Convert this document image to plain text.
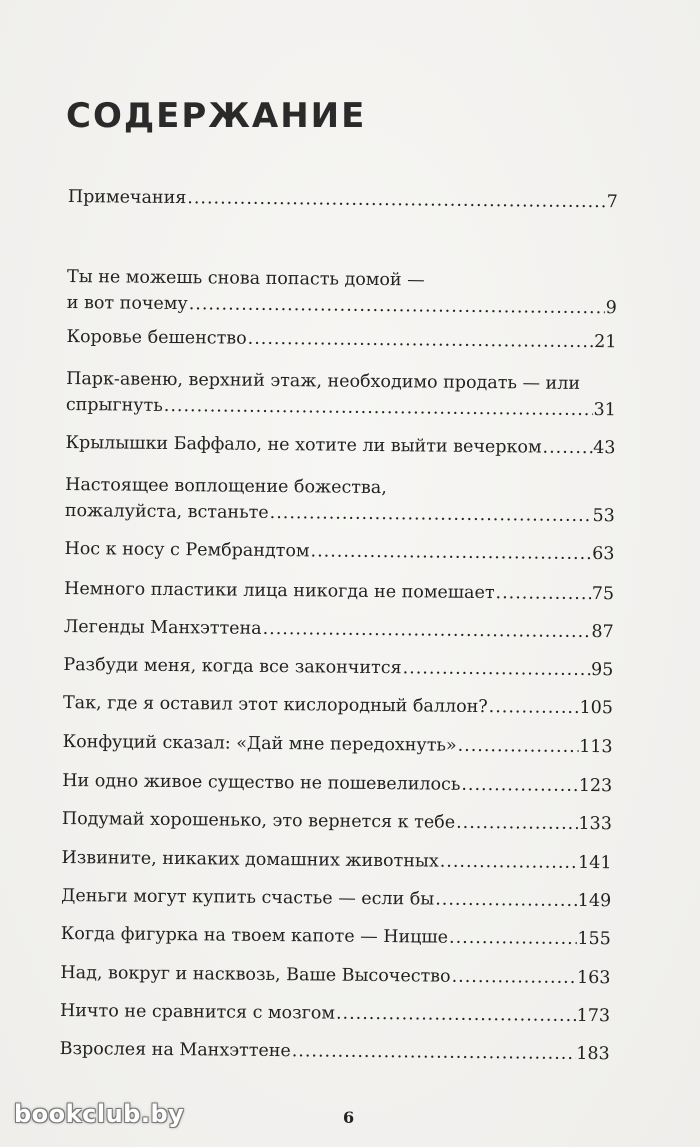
СОДЕРЖАНИЕ
Примечания .....	7
Ты не можешь снова попасть домой —
и вот почему .....	9
Коровье бешенство .....	21
Парк-авеню, верхний этаж, необходимо продать — или
спрыгнуть .....	31
Крылышки Баффало, не хотите ли выйти вечерком .....	43
Настоящее воплощение божества,
пожалуйста, встаньте .....	53
Нос к носу с Рембрандтом .....	63
Немного пластики лица никогда не помешает .....	75
Легенды Манхэттена .....	87
Разбуди меня, когда все закончится .....	95
Так, где я оставил этот кислородный баллон? .....	105
Конфуций сказал: «Дай мне передохнуть» .....	113
Ни одно живое существо не пошевелилось .....	123
Подумай хорошенько, это вернется к тебе .....	133
Извините, никаких домашних животных .....	141
Деньги могут купить счастье — если бы .....	149
Когда фигурка на твоем капоте — Ницше .....	155
Над, вокруг и насквозь, Ваше Высочество .....	163
Ничто не сравнится с мозгом .....	173
Взрослея на Манхэттене .....	183
6
bookclub.by
